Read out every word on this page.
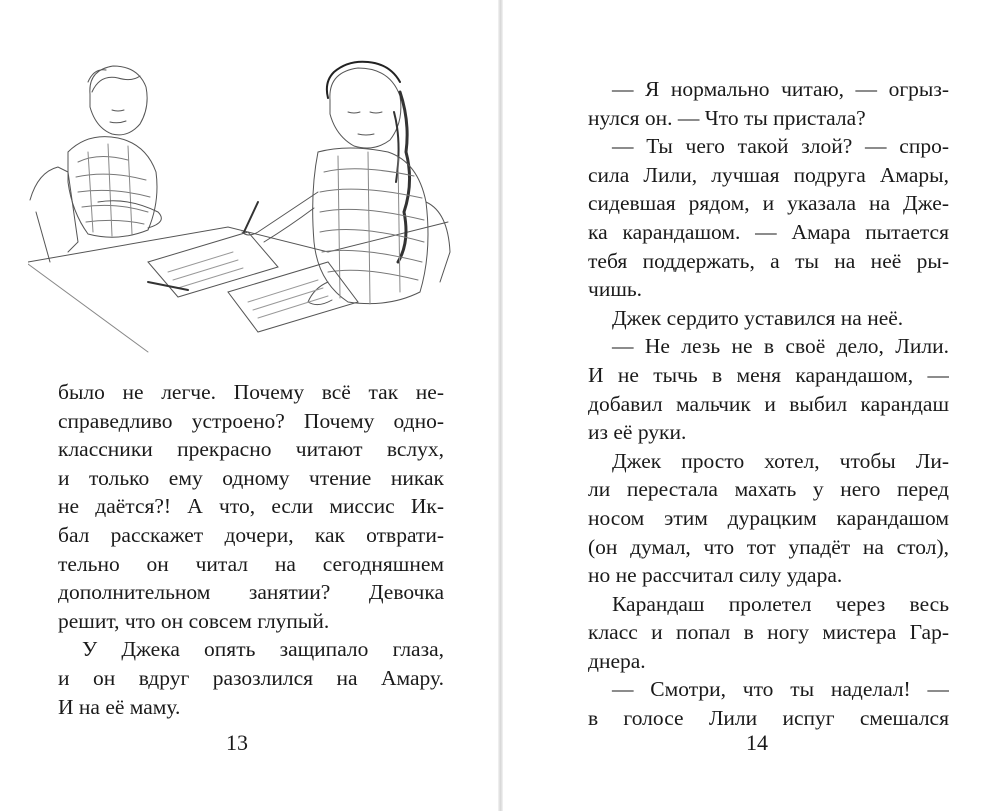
было не легче. Почему всё так не-
справедливо устроено? Почему одно-
классники прекрасно читают вслух,
и только ему одному чтение никак
не даётся?! А что, если миссис Ик-
бал расскажет дочери, как отврати-
тельно он читал на сегодняшнем
дополнительном занятии? Девочка
решит, что он совсем глупый.
У Джека опять защипало глаза,
и он вдруг разозлился на Амару.
И на её маму.
13
— Я нормально читаю, — огрыз-
нулся он. — Что ты пристала?
— Ты чего такой злой? — спро-
сила Лили, лучшая подруга Амары,
сидевшая рядом, и указала на Дже-
ка карандашом. — Амара пытается
тебя поддержать, а ты на неё ры-
чишь.
Джек сердито уставился на неё.
— Не лезь не в своё дело, Лили.
И не тычь в меня карандашом, —
добавил мальчик и выбил карандаш
из её руки.
Джек просто хотел, чтобы Ли-
ли перестала махать у него перед
носом этим дурацким карандашом
(он думал, что тот упадёт на стол),
но не рассчитал силу удара.
Карандаш пролетел через весь
класс и попал в ногу мистера Гар-
днера.
— Смотри, что ты наделал! —
в голосе Лили испуг смешался
14
